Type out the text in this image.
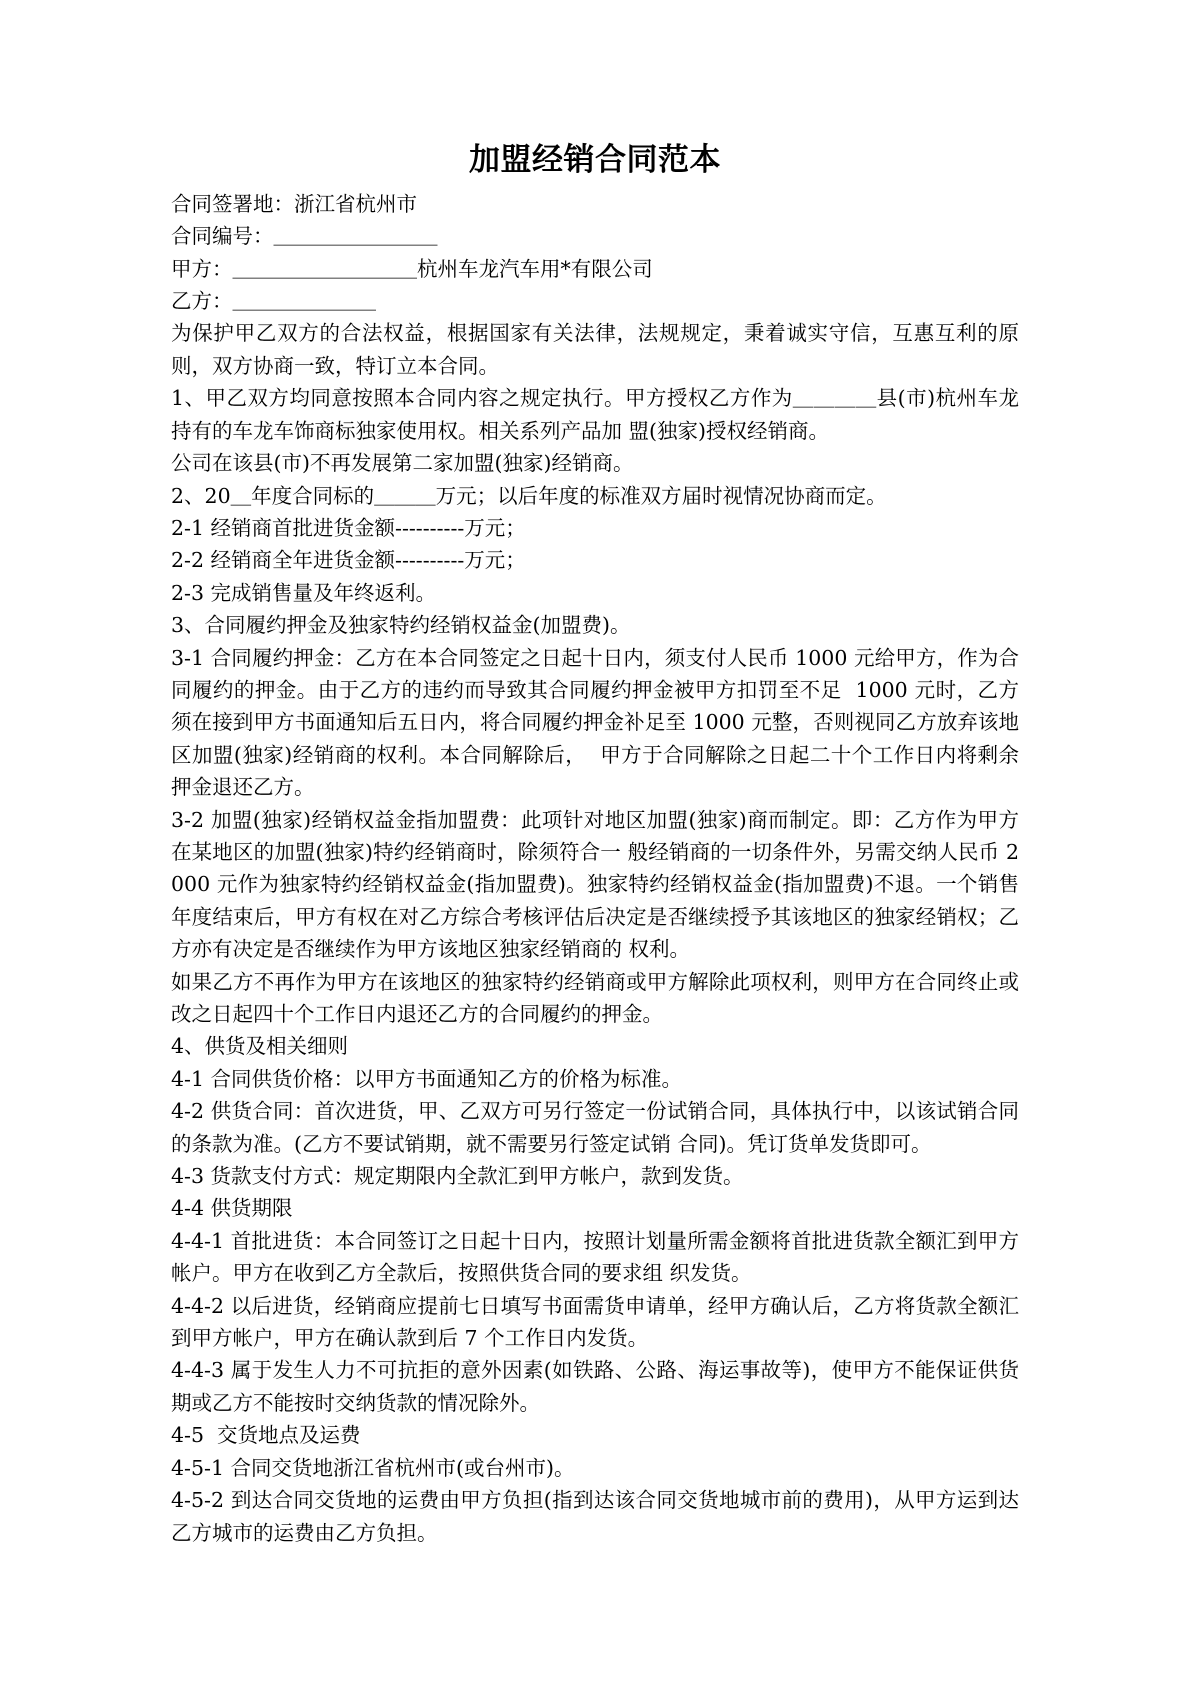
加盟经销合同范本

合同签署地：浙江省杭州市

合同编号：＿＿＿＿＿＿＿＿

甲方：＿＿＿＿＿＿＿＿＿杭州车龙汽车用*有限公司

乙方：＿＿＿＿＿＿＿

为保护甲乙双方的合法权益，根据国家有关法律，法规规定，秉着诚实守信，互惠互利的原则，双方协商一致，特订立本合同。

1、甲乙双方均同意按照本合同内容之规定执行。甲方授权乙方作为＿＿＿＿县(市)杭州车龙持有的车龙车饰商标独家使用权。相关系列产品加 盟(独家)授权经销商。

公司在该县(市)不再发展第二家加盟(独家)经销商。

2、20＿年度合同标的＿＿＿万元；以后年度的标准双方届时视情况协商而定。

2-1 经销商首批进货金额----------万元；

2-2 经销商全年进货金额----------万元；

2-3 完成销售量及年终返利。

3、合同履约押金及独家特约经销权益金(加盟费)。

3-1 合同履约押金：乙方在本合同签定之日起十日内，须支付人民币 1000 元给甲方，作为合同履约的押金。由于乙方的违约而导致其合同履约押金被甲方扣罚至不足  1000 元时，乙方须在接到甲方书面通知后五日内，将合同履约押金补足至 1000 元整，否则视同乙方放弃该地区加盟(独家)经销商的权利。本合同解除后，  甲方于合同解除之日起二十个工作日内将剩余押金退还乙方。

3-2 加盟(独家)经销权益金指加盟费：此项针对地区加盟(独家)商而制定。即：乙方作为甲方在某地区的加盟(独家)特约经销商时，除须符合一 般经销商的一切条件外，另需交纳人民币 2000 元作为独家特约经销权益金(指加盟费)。独家特约经销权益金(指加盟费)不退。一个销售年度结束后，甲方有权在对乙方综合考核评估后决定是否继续授予其该地区的独家经销权；乙方亦有决定是否继续作为甲方该地区独家经销商的 权利。

如果乙方不再作为甲方在该地区的独家特约经销商或甲方解除此项权利，则甲方在合同终止或改之日起四十个工作日内退还乙方的合同履约的押金。

4、供货及相关细则

4-1 合同供货价格：以甲方书面通知乙方的价格为标准。

4-2 供货合同：首次进货，甲、乙双方可另行签定一份试销合同，具体执行中，以该试销合同的条款为准。(乙方不要试销期，就不需要另行签定试销 合同)。凭订货单发货即可。

4-3 货款支付方式：规定期限内全款汇到甲方帐户，款到发货。

4-4 供货期限

4-4-1 首批进货：本合同签订之日起十日内，按照计划量所需金额将首批进货款全额汇到甲方帐户。甲方在收到乙方全款后，按照供货合同的要求组 织发货。

4-4-2 以后进货，经销商应提前七日填写书面需货申请单，经甲方确认后，乙方将货款全额汇到甲方帐户，甲方在确认款到后 7 个工作日内发货。

4-4-3 属于发生人力不可抗拒的意外因素(如铁路、公路、海运事故等)，使甲方不能保证供货期或乙方不能按时交纳货款的情况除外。

4-5  交货地点及运费

4-5-1 合同交货地浙江省杭州市(或台州市)。

4-5-2 到达合同交货地的运费由甲方负担(指到达该合同交货地城市前的费用)，从甲方运到达乙方城市的运费由乙方负担。
